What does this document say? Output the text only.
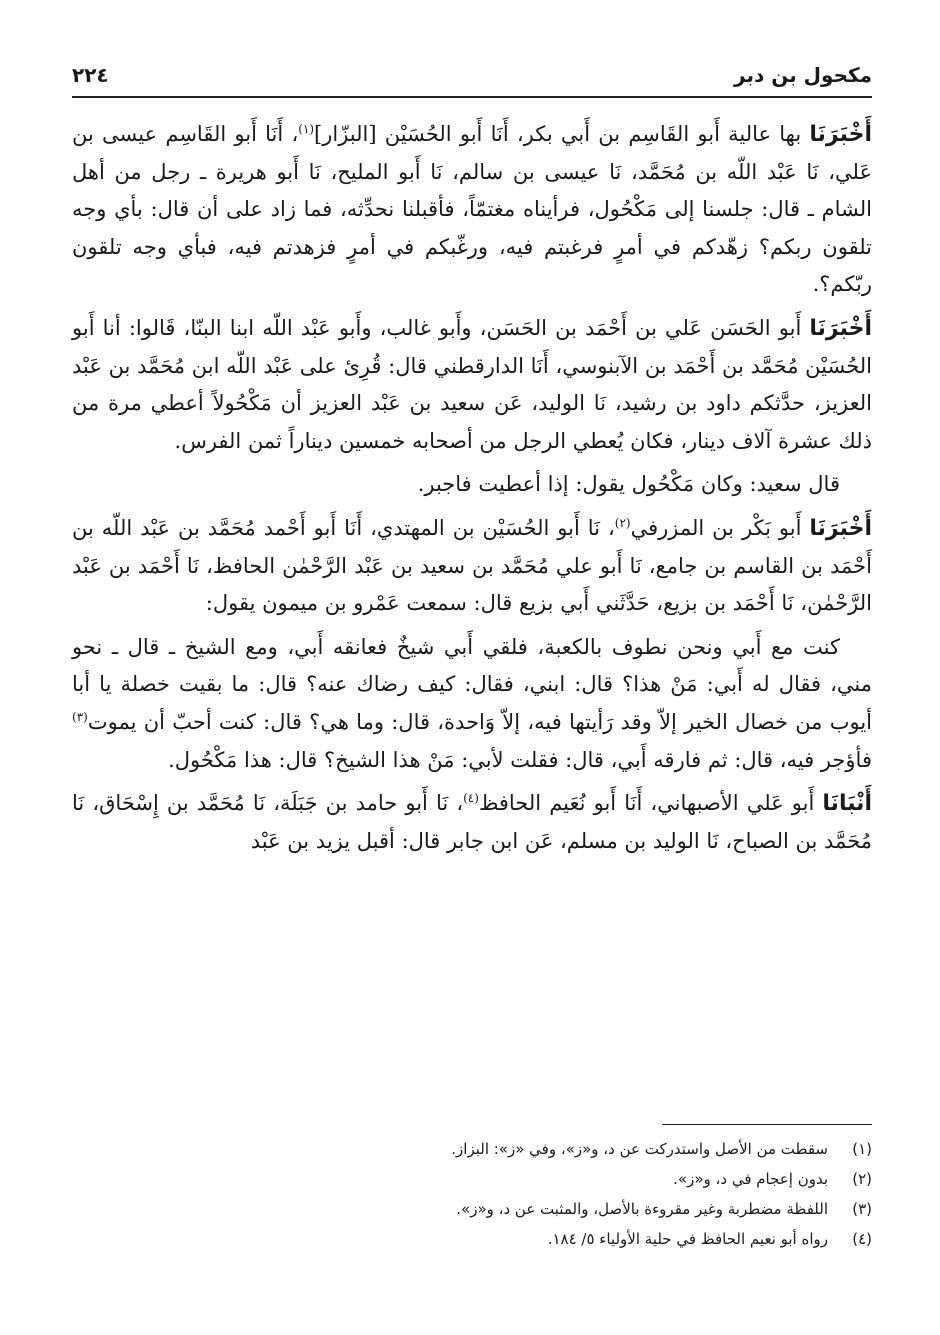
مكحول بن دبر
٢٢٤

أَخْبَرَنَا بها عالية أَبو القَاسِم بن أَبي بكر، أَنَا أَبو الحُسَيْن [البزّار]$^{(١)}$، أَنَا أَبو القَاسِم عيسى بن عَلي، نَا عَبْد اللّه بن مُحَمَّد، نَا عيسى بن سالم، نَا أَبو المليح، نَا أَبو هريرة ـ رجل من أهل الشام ـ قال: جلسنا إلى مَكْحُول، فرأيناه مغتمّاً، فأقبلنا نحدِّثه، فما زاد على أن قال: بأي وجه تلقون ربكم؟ زهّدكم في أمرٍ فرغبتم فيه، ورغّبكم في أمرٍ فزهدتم فيه، فبأي وجه تلقون ربّكم؟.

أَخْبَرَنَا أَبو الحَسَن عَلي بن أَحْمَد بن الحَسَن، وأَبو غالب، وأَبو عَبْد اللّه ابنا البنّا، قَالوا: أنا أَبو الحُسَيْن مُحَمَّد بن أَحْمَد بن الآبنوسي، أَنَا الدارقطني قال: قُرِئ على عَبْد اللّه ابن مُحَمَّد بن عَبْد العزيز، حدَّثكم داود بن رشيد، نَا الوليد، عَن سعيد بن عَبْد العزيز أن مَكْحُولاً أعطي مرة من ذلك عشرة آلاف دينار، فكان يُعطي الرجل من أصحابه خمسين ديناراً ثمن الفرس.

قال سعيد: وكان مَكْحُول يقول: إذا أعطيت فاجبر.

أَخْبَرَنَا أَبو بَكْر بن المزرفي$^{(٢)}$، نَا أَبو الحُسَيْن بن المهتدي، أَنَا أَبو أَحْمد مُحَمَّد بن عَبْد اللّه بن أَحْمَد بن القاسم بن جامع، نَا أَبو علي مُحَمَّد بن سعيد بن عَبْد الرَّحْمٰن الحافظ، نَا أَحْمَد بن عَبْد الرَّحْمٰن، نَا أَحْمَد بن بزيع، حَدَّثَني أَبي بزيع قال: سمعت عَمْرو بن ميمون يقول:

كنت مع أَبي ونحن نطوف بالكعبة، فلقي أَبي شيخٌ فعانقه أَبي، ومع الشيخ ـ قال ـ نحو مني، فقال له أَبي: مَنْ هذا؟ قال: ابني، فقال: كيف رضاك عنه؟ قال: ما بقيت خصلة يا أبا أيوب من خصال الخير إلاّ وقد رَأيتها فيه، إلاّ وَاحدة، قال: وما هي؟ قال: كنت أحبّ أن يموت$^{(٣)}$ فأؤجر فيه، قال: ثم فارقه أَبي، قال: فقلت لأبي: مَنْ هذا الشيخ؟ قال: هذا مَكْحُول.

أَنْبَانَا أَبو عَلي الأصبهاني، أَنَا أَبو نُعَيم الحافظ$^{(٤)}$، نَا أَبو حامد بن جَبَلَة، نَا مُحَمَّد بن إِسْحَاق، نَا مُحَمَّد بن الصباح، نَا الوليد بن مسلم، عَن ابن جابر قال: أقبل يزيد بن عَبْد

(١)
سقطت من الأصل واستدركت عن د، و«ز»، وفي «ز»: البزاز.
(٢)
بدون إعجام في د، و«ز».
(٣)
اللفظة مضطربة وغير مقروءة بالأصل، والمثبت عن د، و«ز».
(٤)
رواه أبو نعيم الحافظ في حلية الأولياء ٥/ ١٨٤.
